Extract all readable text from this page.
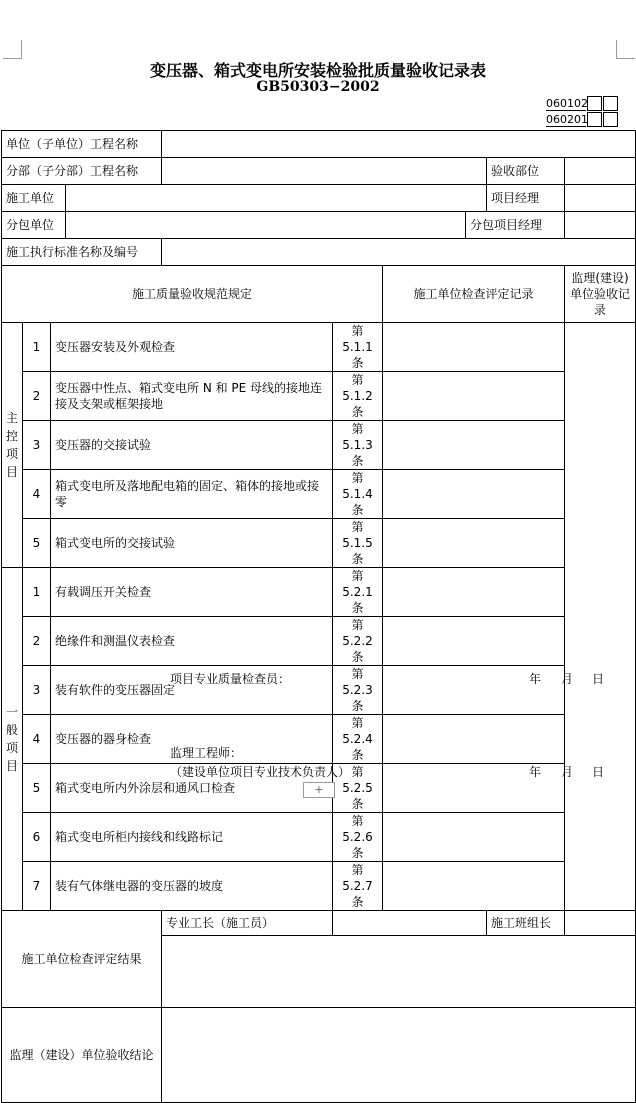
变压器、箱式变电所安装检验批质量验收记录表
GB50303−2002
060102
060201
单位（子单位）工程名称									
分部（子分部）工程名称								验收部位	
施工单位								项目经理	
分包单位							分包项目经理		
施工执行标准名称及编号									
施工质量验收规范规定						施工单位检查评定记录			监理(建设)单位验收记录
主控项目	1	变压器安装及外观检查			第 5.1.1 条				
	2	变压器中性点、箱式变电所 N 和 PE 母线的接地连接及支架或框架接地			第 5.1.2 条				
	3	变压器的交接试验			第 5.1.3 条				
	4	箱式变电所及落地配电箱的固定、箱体的接地或接零			第 5.1.4 条				
	5	箱式变电所的交接试验			第 5.1.5 条				
一般项目	1	有载调压开关检查			第 5.2.1 条				
	2	绝缘件和测温仪表检查			第 5.2.2 条				
	3	装有软件的变压器固定			第 5.2.3 条				
	4	变压器的器身检查			第 5.2.4 条				
	5	箱式变电所内外涂层和通风口检查			第 5.2.5 条				
	6	箱式变电所柜内接线和线路标记			第 5.2.6 条				
	7	装有气体继电器的变压器的坡度			第 5.2.7 条				
施工单位检查评定结果				专业工长（施工员）				施工班组长	

监理（建设）单位验收结论									
项目专业质量检查员：	年 月 日
监理工程师：
（建设单位项目专业技术负责人）	年 月 日
+
